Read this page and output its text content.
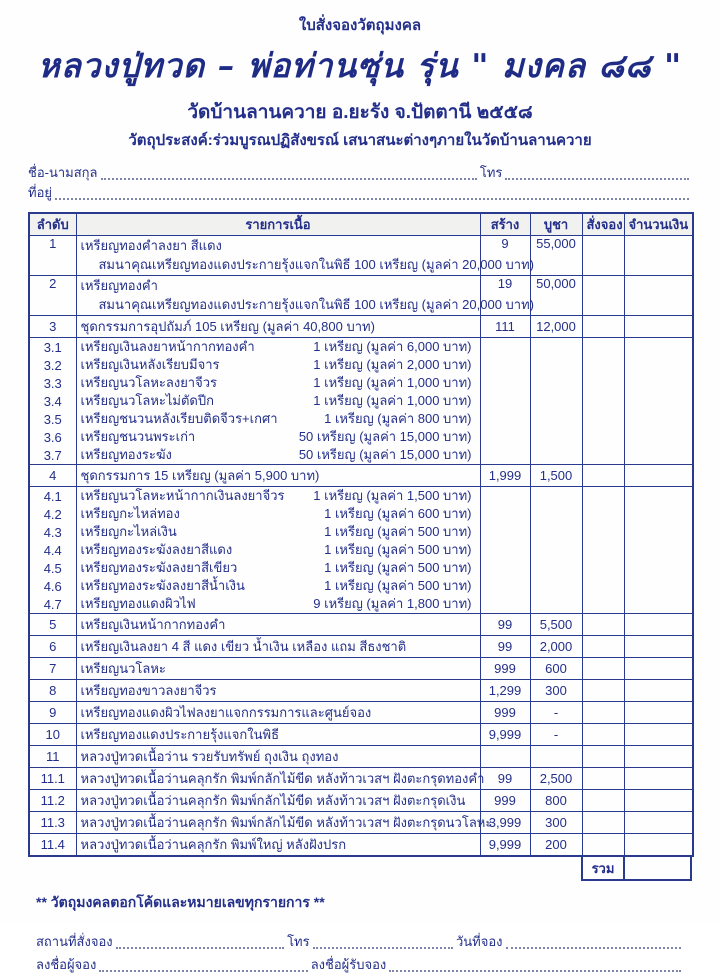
ใบสั่งจองวัตถุมงคล
หลวงปู่ทวด – พ่อท่านซุ่น รุ่น " มงคล ๘๘ "
วัดบ้านลานควาย อ.ยะรัง จ.ปัตตานี ๒๕๕๘
วัตถุประสงค์:ร่วมบูรณปฏิสังขรณ์ เสนาสนะต่างๆภายในวัดบ้านลานควาย
ชื่อ-นามสกุล	โทร
ที่อยู่
ลำดับ	รายการเนื้อ	สร้าง	บูชา	สั่งจอง	จำนวนเงิน
1	เหรียญทองคำลงยา สีแดง
สมนาคุณเหรียญทองแดงประกายรุ้งแจกในพิธี 100 เหรียญ (มูลค่า 20,000 บาท)	9	55,000		
2	เหรียญทองคำ
สมนาคุณเหรียญทองแดงประกายรุ้งแจกในพิธี 100 เหรียญ (มูลค่า 20,000 บาท)	19	50,000		
3	ชุดกรรมการอุปถัมภ์ 105 เหรียญ (มูลค่า 40,800 บาท)	111	12,000		
3.1	เหรียญเงินลงยาหน้ากากทองคำ 1 เหรียญ (มูลค่า 6,000 บาท)				

3.2	เหรียญเงินหลังเรียบมีจาร 1 เหรียญ (มูลค่า 2,000 บาท)				

3.3	เหรียญนวโลหะลงยาจีวร 1 เหรียญ (มูลค่า 1,000 บาท)				

3.4	เหรียญนวโลหะไม่ตัดปีก 1 เหรียญ (มูลค่า 1,000 บาท)				

3.5	เหรียญชนวนหลังเรียบติดจีวร+เกศา 1 เหรียญ (มูลค่า 800 บาท)				

3.6	เหรียญชนวนพระเก่า 50 เหรียญ (มูลค่า 15,000 บาท)				

3.7	เหรียญทองระฆัง 50 เหรียญ (มูลค่า 15,000 บาท)				

4	ชุดกรรมการ 15 เหรียญ (มูลค่า 5,900 บาท)	1,999	1,500		
4.1	เหรียญนวโลหะหน้ากากเงินลงยาจีวร 1 เหรียญ (มูลค่า 1,500 บาท)				

4.2	เหรียญกะไหล่ทอง 1 เหรียญ (มูลค่า 600 บาท)				

4.3	เหรียญกะไหล่เงิน 1 เหรียญ (มูลค่า 500 บาท)				

4.4	เหรียญทองระฆังลงยาสีแดง 1 เหรียญ (มูลค่า 500 บาท)				

4.5	เหรียญทองระฆังลงยาสีเขียว 1 เหรียญ (มูลค่า 500 บาท)				

4.6	เหรียญทองระฆังลงยาสีน้ำเงิน 1 เหรียญ (มูลค่า 500 บาท)				

4.7	เหรียญทองแดงผิวไฟ 9 เหรียญ (มูลค่า 1,800 บาท)				

5	เหรียญเงินหน้ากากทองคำ	99	5,500		
6	เหรียญเงินลงยา 4 สี แดง เขียว น้ำเงิน เหลือง แถม สีธงชาติ	99	2,000		
7	เหรียญนวโลหะ	999	600		
8	เหรียญทองขาวลงยาจีวร	1,299	300		
9	เหรียญทองแดงผิวไฟลงยาแจกกรรมการและศูนย์จอง	999	-		
10	เหรียญทองแดงประกายรุ้งแจกในพิธี	9,999	-		
11	หลวงปู่ทวดเนื้อว่าน รวยรับทรัพย์ ถุงเงิน ถุงทอง				

11.1	หลวงปู่ทวดเนื้อว่านคลุกรัก พิมพ์กลักไม้ขีด หลังท้าวเวสฯ ฝังตะกรุดทองคำ	99	2,500		
11.2	หลวงปู่ทวดเนื้อว่านคลุกรัก พิมพ์กลักไม้ขีด หลังท้าวเวสฯ ฝังตะกรุดเงิน	999	800		
11.3	หลวงปู่ทวดเนื้อว่านคลุกรัก พิมพ์กลักไม้ขีด หลังท้าวเวสฯ ฝังตะกรุดนวโลหะ	3,999	300		
11.4	หลวงปู่ทวดเนื้อว่านคลุกรัก พิมพ์ใหญ่ หลังฝังปรก	9,999	200		
รวม
** วัตถุมงคลตอกโค้ดและหมายเลขทุกรายการ **
สถานที่สั่งจอง	โทร	วันที่จอง
ลงชื่อผู้จอง	ลงชื่อผู้รับจอง
